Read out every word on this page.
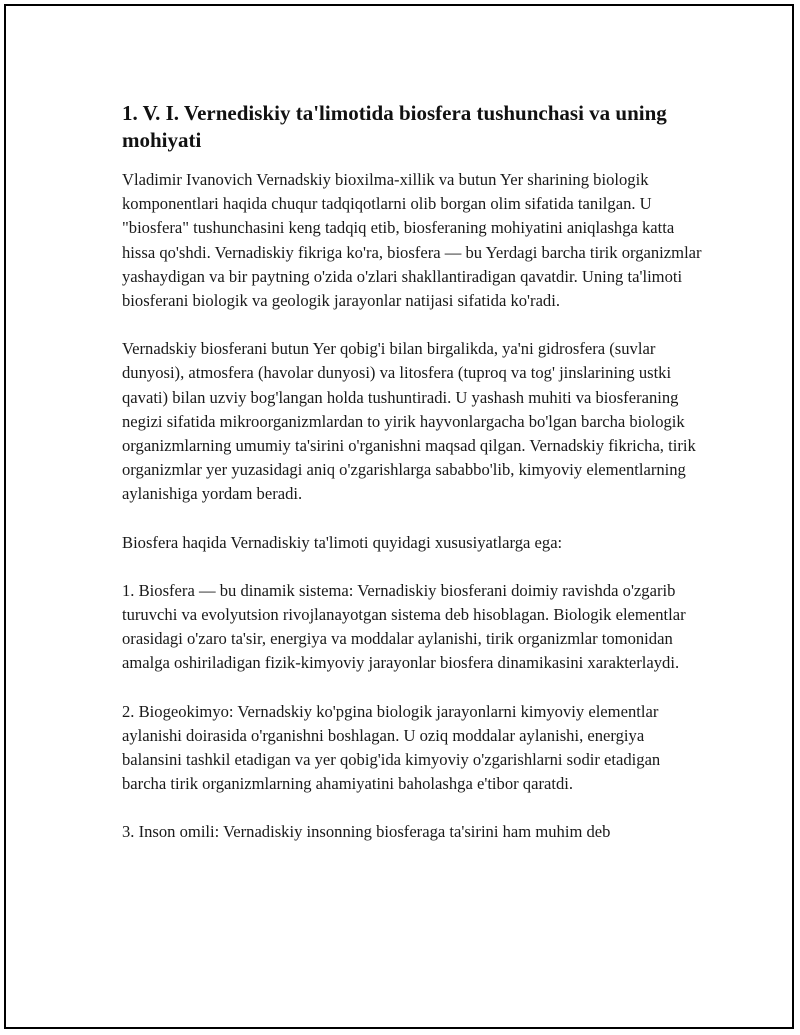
1. V. I. Vernediskiy ta'limotida biosfera tushunchasi va uning mohiyati

Vladimir Ivanovich Vernadskiy bioxilma-xillik va butun Yer sharining biologik komponentlari haqida chuqur tadqiqotlarni olib borgan olim sifatida tanilgan. U "biosfera" tushunchasini keng tadqiq etib, biosferaning mohiyatini aniqlashga katta hissa qo'shdi. Vernadiskiy fikriga ko'ra, biosfera — bu Yerdagi barcha tirik organizmlar yashaydigan va bir paytning o'zida o'zlari shakllantiradigan qavatdir. Uning ta'limoti biosferani biologik va geologik jarayonlar natijasi sifatida ko'radi.

Vernadskiy biosferani butun Yer qobig'i bilan birgalikda, ya'ni gidrosfera (suvlar dunyosi), atmosfera (havolar dunyosi) va litosfera (tuproq va tog' jinslarining ustki qavati) bilan uzviy bog'langan holda tushuntiradi. U yashash muhiti va biosferaning negizi sifatida mikroorganizmlardan to yirik hayvonlargacha bo'lgan barcha biologik organizmlarning umumiy ta'sirini o'rganishni maqsad qilgan. Vernadskiy fikricha, tirik organizmlar yer yuzasidagi aniq o'zgarishlarga sababbo'lib, kimyoviy elementlarning aylanishiga yordam beradi.

Biosfera haqida Vernadiskiy ta'limoti quyidagi xususiyatlarga ega:

1. Biosfera — bu dinamik sistema: Vernadiskiy biosferani doimiy ravishda o'zgarib turuvchi va evolyutsion rivojlanayotgan sistema deb hisoblagan. Biologik elementlar orasidagi o'zaro ta'sir, energiya va moddalar aylanishi, tirik organizmlar tomonidan amalga oshiriladigan fizik-kimyoviy jarayonlar biosfera dinamikasini xarakterlaydi.

2. Biogeokimyo: Vernadskiy ko'pgina biologik jarayonlarni kimyoviy elementlar aylanishi doirasida o'rganishni boshlagan. U oziq moddalar aylanishi, energiya balansini tashkil etadigan va yer qobig'ida kimyoviy o'zgarishlarni sodir etadigan barcha tirik organizmlarning ahamiyatini baholashga e'tibor qaratdi.

3. Inson omili: Vernadiskiy insonning biosferaga ta'sirini ham muhim deb
